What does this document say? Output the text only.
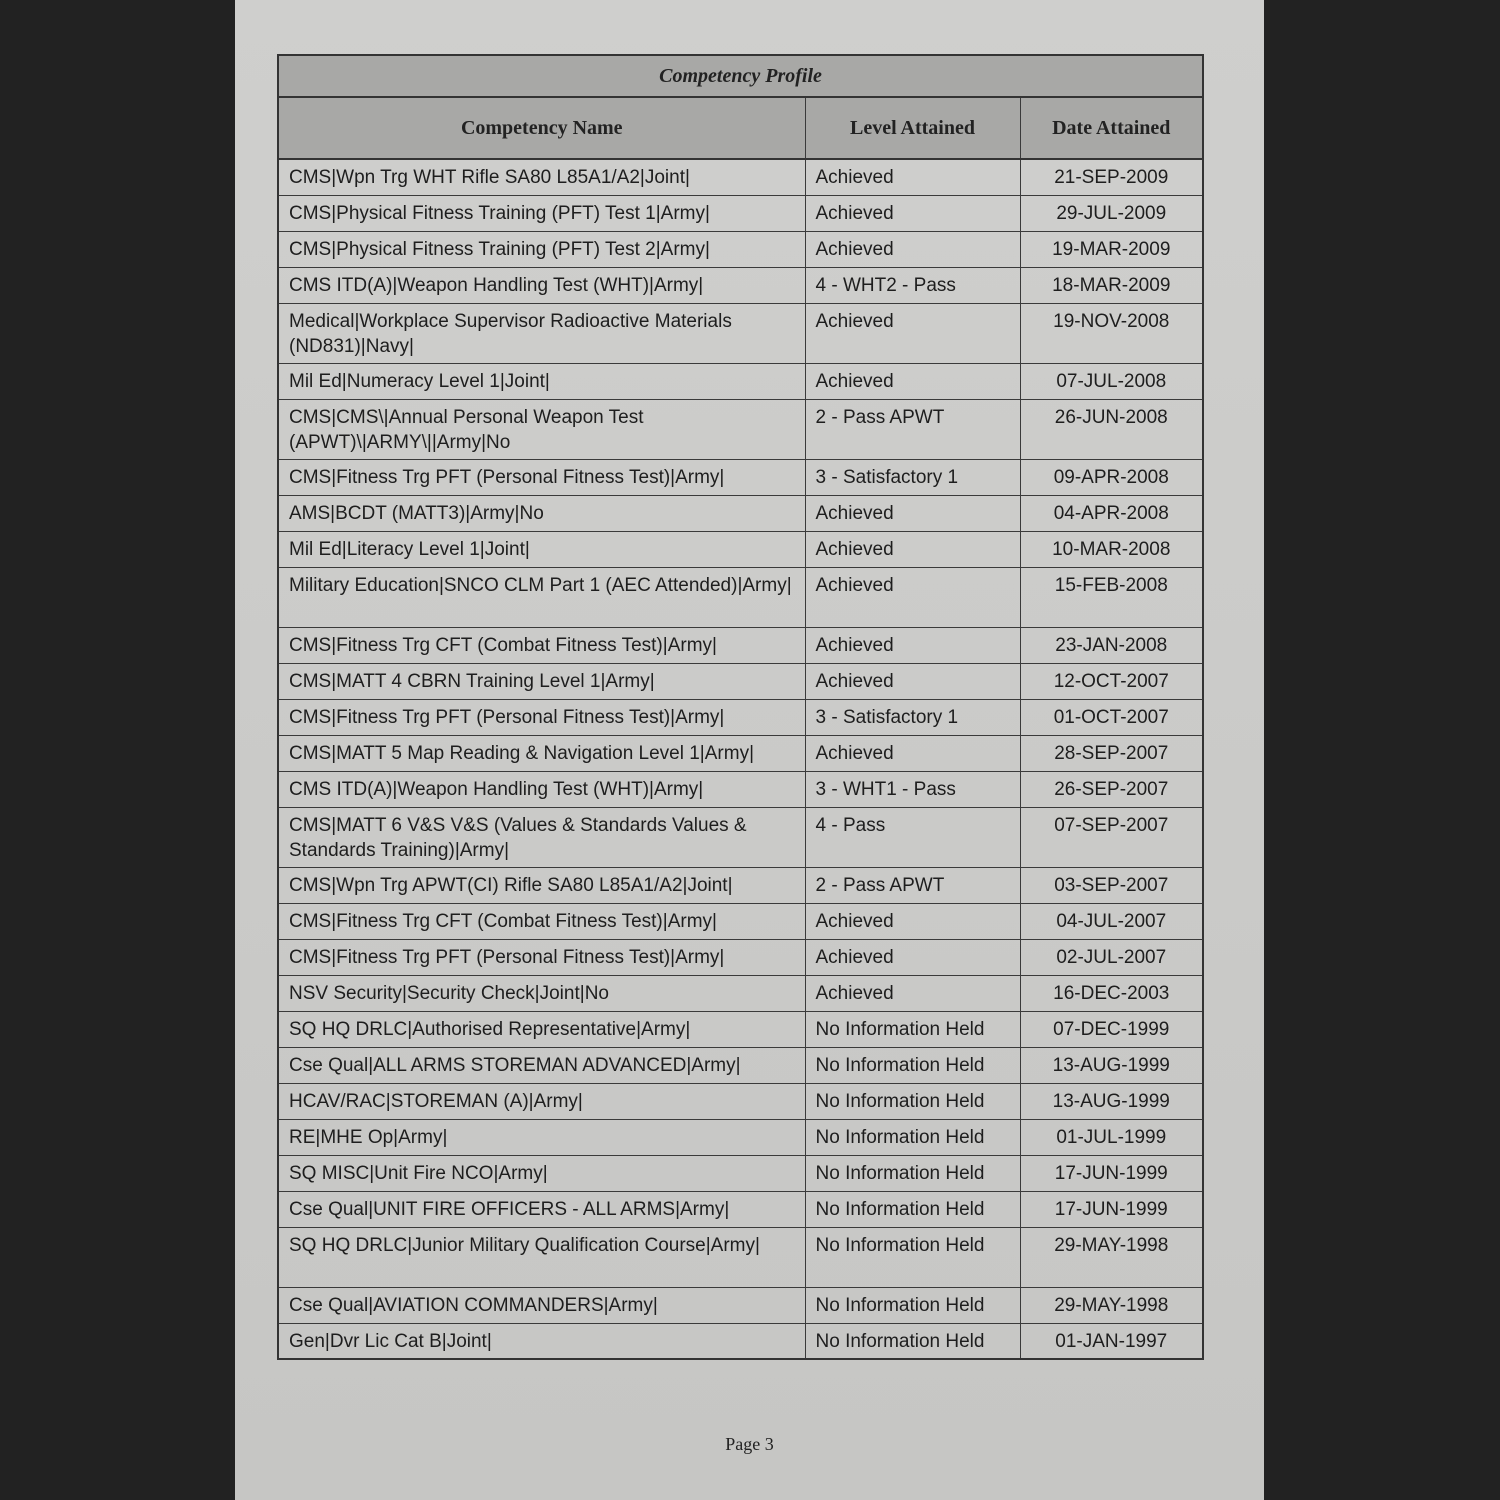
Competency Profile		
Competency Name	Level Attained	Date Attained
CMS|Wpn Trg WHT Rifle SA80 L85A1/A2|Joint|	Achieved	21-SEP-2009
CMS|Physical Fitness Training (PFT) Test 1|Army|	Achieved	29-JUL-2009
CMS|Physical Fitness Training (PFT) Test 2|Army|	Achieved	19-MAR-2009
CMS ITD(A)|Weapon Handling Test (WHT)|Army|	4 - WHT2 - Pass	18-MAR-2009
Medical|Workplace Supervisor Radioactive Materials (ND831)|Navy|	Achieved	19-NOV-2008
Mil Ed|Numeracy Level 1|Joint|	Achieved	07-JUL-2008
CMS|CMS\|Annual Personal Weapon Test (APWT)\|ARMY\||Army|No	2 - Pass APWT	26-JUN-2008
CMS|Fitness Trg PFT (Personal Fitness Test)|Army|	3 - Satisfactory 1	09-APR-2008
AMS|BCDT (MATT3)|Army|No	Achieved	04-APR-2008
Mil Ed|Literacy Level 1|Joint|	Achieved	10-MAR-2008
Military Education|SNCO CLM Part 1 (AEC Attended)|Army|	Achieved	15-FEB-2008
CMS|Fitness Trg CFT (Combat Fitness Test)|Army|	Achieved	23-JAN-2008
CMS|MATT 4 CBRN Training Level 1|Army|	Achieved	12-OCT-2007
CMS|Fitness Trg PFT (Personal Fitness Test)|Army|	3 - Satisfactory 1	01-OCT-2007
CMS|MATT 5 Map Reading & Navigation Level 1|Army|	Achieved	28-SEP-2007
CMS ITD(A)|Weapon Handling Test (WHT)|Army|	3 - WHT1 - Pass	26-SEP-2007
CMS|MATT 6 V&S V&S (Values & Standards Values & Standards Training)|Army|	4 - Pass	07-SEP-2007
CMS|Wpn Trg APWT(CI) Rifle SA80 L85A1/A2|Joint|	2 - Pass APWT	03-SEP-2007
CMS|Fitness Trg CFT (Combat Fitness Test)|Army|	Achieved	04-JUL-2007
CMS|Fitness Trg PFT (Personal Fitness Test)|Army|	Achieved	02-JUL-2007
NSV Security|Security Check|Joint|No	Achieved	16-DEC-2003
SQ HQ DRLC|Authorised Representative|Army|	No Information Held	07-DEC-1999
Cse Qual|ALL ARMS STOREMAN ADVANCED|Army|	No Information Held	13-AUG-1999
HCAV/RAC|STOREMAN (A)|Army|	No Information Held	13-AUG-1999
RE|MHE Op|Army|	No Information Held	01-JUL-1999
SQ MISC|Unit Fire NCO|Army|	No Information Held	17-JUN-1999
Cse Qual|UNIT FIRE OFFICERS - ALL ARMS|Army|	No Information Held	17-JUN-1999
SQ HQ DRLC|Junior Military Qualification Course|Army|	No Information Held	29-MAY-1998
Cse Qual|AVIATION COMMANDERS|Army|	No Information Held	29-MAY-1998
Gen|Dvr Lic Cat B|Joint|	No Information Held	01-JAN-1997
Page 3
